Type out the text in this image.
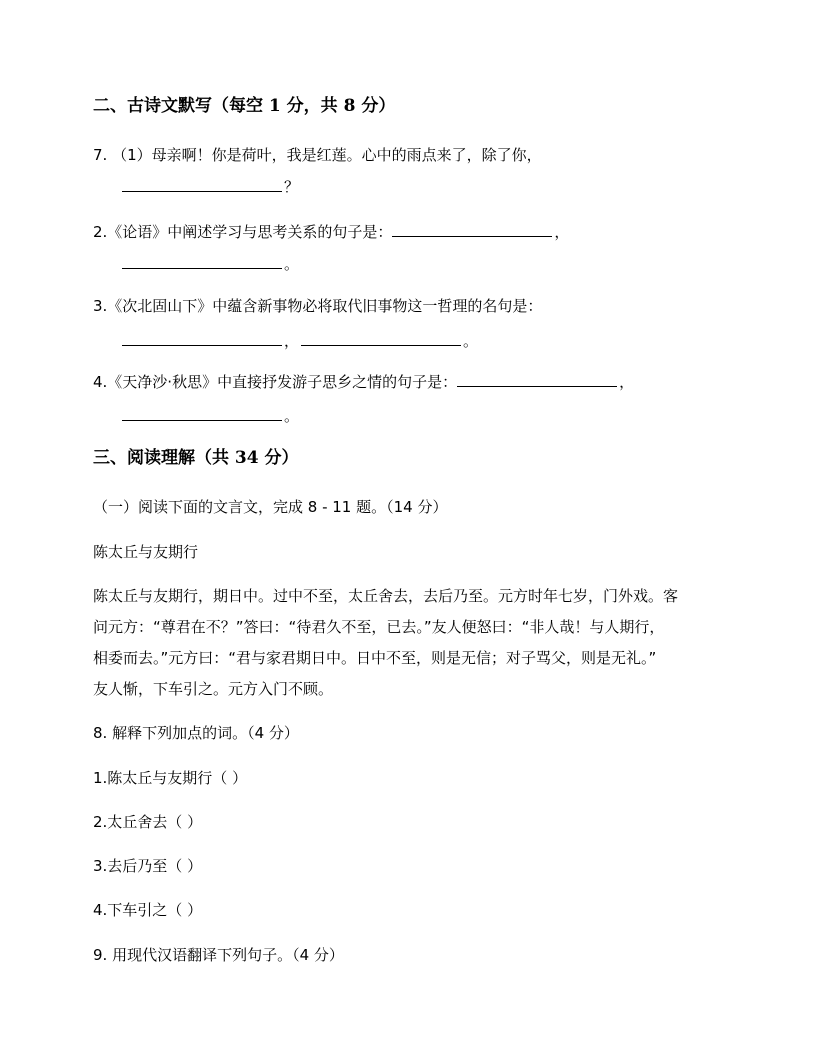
二、古诗文默写（每空 1 分，共 8 分）
7. （1）母亲啊！你是荷叶，我是红莲。心中的雨点来了，除了你，
？
2.《论语》中阐述学习与思考关系的句子是：	，
。
3.《次北固山下》中蕴含新事物必将取代旧事物这一哲理的名句是：
，	。
4.《天净沙·秋思》中直接抒发游子思乡之情的句子是：	，
。
三、阅读理解（共 34 分）
（一）阅读下面的文言文，完成 8 - 11 题。（14 分）
陈太丘与友期行
陈太丘与友期行，期日中。过中不至，太丘舍去，去后乃至。元方时年七岁，门外戏。客
问元方：“尊君在不？”答曰：“待君久不至，已去。”友人便怒曰：“非人哉！与人期行，
相委而去。”元方曰：“君与家君期日中。日中不至，则是无信；对子骂父，则是无礼。”
友人惭，下车引之。元方入门不顾。
8. 解释下列加点的词。（4 分）
1.陈太丘与友期行（ ）
2.太丘舍去（ ）
3.去后乃至（ ）
4.下车引之（ ）
9. 用现代汉语翻译下列句子。（4 分）
